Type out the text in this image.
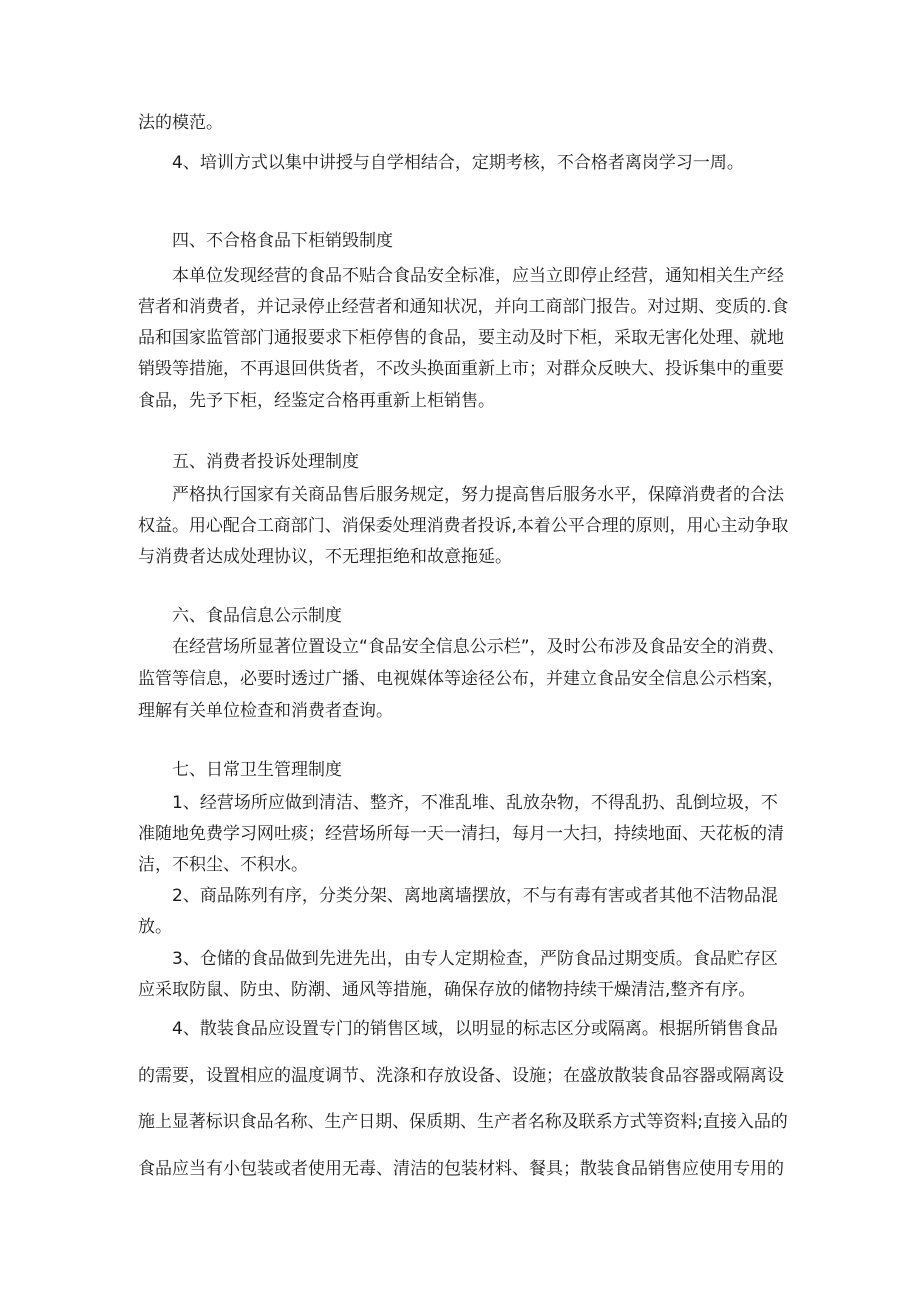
法的模范。
4、培训方式以集中讲授与自学相结合，定期考核，不合格者离岗学习一周。
四、不合格食品下柜销毁制度
本单位发现经营的食品不贴合食品安全标准，应当立即停止经营，通知相关生产经
营者和消费者，并记录停止经营者和通知状况，并向工商部门报告。对过期、变质的.食
品和国家监管部门通报要求下柜停售的食品，要主动及时下柜，采取无害化处理、就地
销毁等措施，不再退回供货者，不改头换面重新上市；对群众反映大、投诉集中的重要
食品，先予下柜，经鉴定合格再重新上柜销售。
五、消费者投诉处理制度
严格执行国家有关商品售后服务规定，努力提高售后服务水平，保障消费者的合法
权益。用心配合工商部门、消保委处理消费者投诉,本着公平合理的原则，用心主动争取
与消费者达成处理协议，不无理拒绝和故意拖延。
六、食品信息公示制度
在经营场所显著位置设立“食品安全信息公示栏”，及时公布涉及食品安全的消费、
监管等信息，必要时透过广播、电视媒体等途径公布，并建立食品安全信息公示档案，
理解有关单位检查和消费者查询。
七、日常卫生管理制度
1、经营场所应做到清洁、整齐，不准乱堆、乱放杂物，不得乱扔、乱倒垃圾，不
准随地免费学习网吐痰；经营场所每一天一清扫，每月一大扫，持续地面、天花板的清
洁，不积尘、不积水。
2、商品陈列有序，分类分架、离地离墙摆放，不与有毒有害或者其他不洁物品混
放。
3、仓储的食品做到先进先出，由专人定期检查，严防食品过期变质。食品贮存区
应采取防鼠、防虫、防潮、通风等措施，确保存放的储物持续干燥清洁,整齐有序。
4、散装食品应设置专门的销售区域，以明显的标志区分或隔离。根据所销售食品
的需要，设置相应的温度调节、洗涤和存放设备、设施；在盛放散装食品容器或隔离设
施上显著标识食品名称、生产日期、保质期、生产者名称及联系方式等资料;直接入品的
食品应当有小包装或者使用无毒、清洁的包装材料、餐具；散装食品销售应使用专用的
